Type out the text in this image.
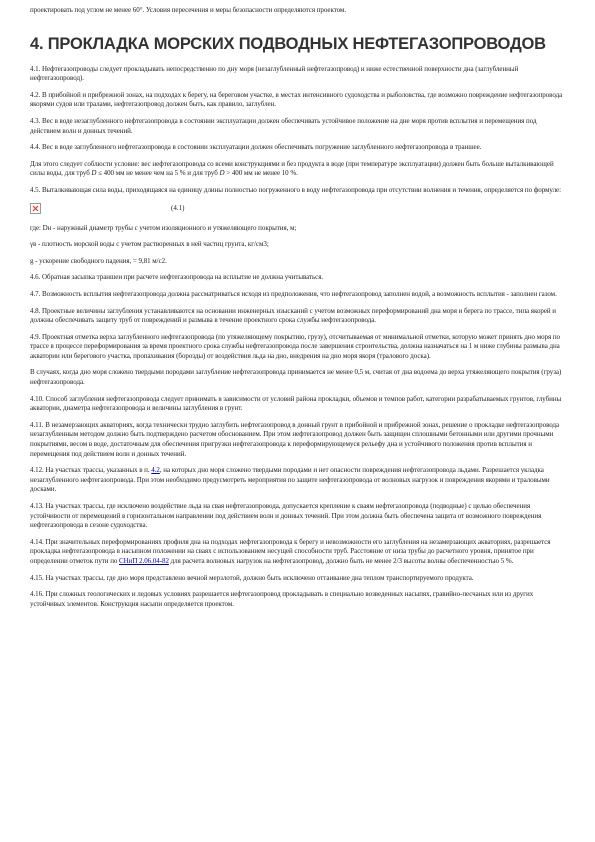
проектировать под углом не менее 60°. Условия пересечения и меры безопасности определяются проектом.

4. ПРОКЛАДКА МОРСКИХ ПОДВОДНЫХ НЕФТЕГАЗОПРОВОДОВ

4.1. Нефтегазопроводы следует прокладывать непосредственно по дну моря (незаглубленный нефтегазопровод) и ниже естественной поверхности дна (заглубленный нефтегазопровод).

4.2. В прибойной и прибрежной зонах, на подходах к берегу, на береговом участке, в местах интенсивного судоходства и рыболовства, где возможно повреждение нефтегазопровода якорями судов или тралами, нефтегазопровод должен быть, как правило, заглублен.

4.3. Вес в воде незаглубленного нефтегазопровода в состоянии эксплуатации должен обеспечивать устойчивое положение на дне моря против всплытия и перемещения под действием волн и донных течений.

4.4. Вес в воде заглубленного нефтегазопровода в состоянии эксплуатации должен обеспечивать погружение заглубленного нефтегазопровода в траншее.

Для этого следует соблюсти условие: вес нефтегазопровода со всеми конструкциями и без продукта в воде (при температуре эксплуатации) должен быть больше выталкивающей силы воды, для труб D ≤ 400 мм не менее чем на 5 % и для труб D > 400 мм не менее 10 %.

4.5. Выталкивающая сила воды, приходящаяся на единицу длины полностью погруженного в воду нефтегазопровода при отсутствии волнения и течения, определяется по формуле:

(4.1)

где: Dн - наружный диаметр трубы с учетом изоляционного и утяжеляющего покрытия, м;

γв - плотность морской воды с учетом растворенных в ней частиц грунта, кг/см3;

g - ускорение свободного падения, = 9,81 м/с2.

4.6. Обратная засыпка траншеи при расчете нефтегазопровода на всплытие не должна учитываться.

4.7. Возможность всплытия нефтегазопровода должна рассматриваться исходя из предположения, что нефтегазопровод заполнен водой, а возможность всплытия - заполнен газом.

4.8. Проектные величины заглубления устанавливаются на основании инженерных изысканий с учетом возможных переформирований дна моря и берега по трассе, типа якорей и должны обеспечивать защиту труб от повреждений и размыва в течение проектного срока службы нефтегазопровода.

4.9. Проектная отметка верха заглубленного нефтегазопровода (по утяжеляющему покрытию, грузу), отсчитываемая от минимальной отметки, которую может принять дно моря по трассе в процессе переформирования за время проектного срока службы нефтегазопровода после завершения строительства, должна назначаться на 1 м ниже глубины размыва дна акватории или берегового участка, пропахивания (борозды) от воздействия льда на дно, внедрения на дно моря якоря (тралового доска).

В случаях, когда дно моря сложено твердыми породами заглубление нефтегазопровода принимается не менее 0,5 м, считая от дна водоема до верха утяжеляющего покрытия (груза) нефтегазопровода.

4.10. Способ заглубления нефтегазопровода следует принимать в зависимости от условий района прокладки, объемов и темпов работ, категории разрабатываемых грунтов, глубины акватории, диаметра нефтегазопровода и величины заглубления в грунт.

4.11. В незамерзающих акваториях, когда технически трудно заглубить нефтегазопровод в донный грунт в прибойной и прибрежной зонах, решение о прокладке нефтегазопровода незаглубленным методом должно быть подтверждено расчетом обоснованием. При этом нефтегазопровод должен быть защищен сплошными бетонными или другими прочными покрытиями, весом в воде, достаточным для обеспечения пригрузки нефтегазопровода к переформирующемуся рельефу дна и устойчивого положения против всплытия и перемещения под действием волн и донных течений.

4.12. На участках трассы, указанных в п. 4.2, на которых дно моря сложено твердыми породами и нет опасности повреждения нефтегазопровода льдами. Разрешается укладка незаглубленного нефтегазопровода. При этом необходимо предусмотреть мероприятия по защите нефтегазопровода от волновых нагрузок и повреждения якорями и траловыми досками.

4.13. На участках трассы, где исключено воздействие льда на свая нефтегазопровода, допускается крепление к сваям нефтегазопровода (подводные) с целью обеспечения устойчивости от перемещений в горизонтальном направлении под действием волн и донных течений. При этом должна быть обеспечена защита от возможного повреждения нефтегазопровода в сезоне судоходства.

4.14. При значительных переформированиях профиля дна на подходах нефтегазопровода к берегу и невозможности его заглубления на незамерзающих акваториях, разрешается прокладка нефтегазопровода в насыпном положении на сваях с использованием несущей способности труб. Расстояние от низа трубы до расчетного уровня, принятое при определении отметок пути по СНиП 2.06.04-82 для расчета волновых нагрузок на нефтегазопровод, должно быть не менее 2/3 высоты волны обеспеченностью 5 %.

4.15. На участках трассы, где дно моря представлено вечной мерзлотой, должно быть исключено оттаивание дна теплом транспортируемого продукта.

4.16. При сложных геологических и ледовых условиях разрешается нефтегазопровод прокладывать в специально возведенных насыпях, гравийно-песчаных или из других устойчивых элементов. Конструкция насыпи определяется проектом.
